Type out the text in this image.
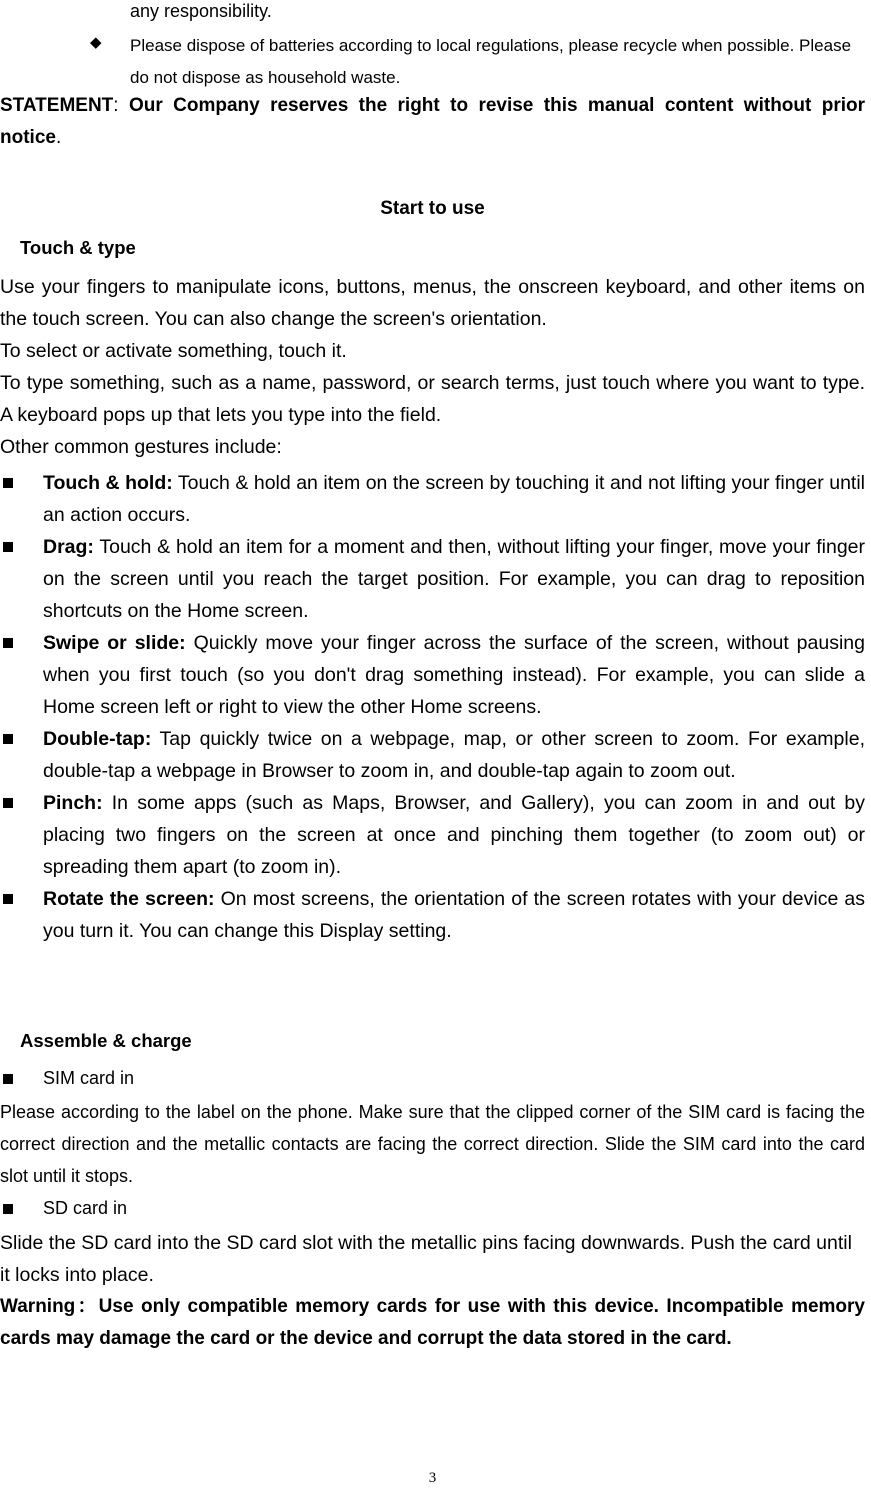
any responsibility.
◆ Please dispose of batteries according to local regulations, please recycle when possible. Please do not dispose as household waste.
STATEMENT: Our Company reserves the right to revise this manual content without prior notice.
Start to use
Touch & type
Use your fingers to manipulate icons, buttons, menus, the onscreen keyboard, and other items on the touch screen. You can also change the screen's orientation.
To select or activate something, touch it.
To type something, such as a name, password, or search terms, just touch where you want to type. A keyboard pops up that lets you type into the field.
Other common gestures include:
Touch & hold: Touch & hold an item on the screen by touching it and not lifting your finger until an action occurs.
Drag: Touch & hold an item for a moment and then, without lifting your finger, move your finger on the screen until you reach the target position. For example, you can drag to reposition shortcuts on the Home screen.
Swipe or slide: Quickly move your finger across the surface of the screen, without pausing when you first touch (so you don't drag something instead). For example, you can slide a Home screen left or right to view the other Home screens.
Double-tap: Tap quickly twice on a webpage, map, or other screen to zoom. For example, double-tap a webpage in Browser to zoom in, and double-tap again to zoom out.
Pinch: In some apps (such as Maps, Browser, and Gallery), you can zoom in and out by placing two fingers on the screen at once and pinching them together (to zoom out) or spreading them apart (to zoom in).
Rotate the screen: On most screens, the orientation of the screen rotates with your device as you turn it. You can change this Display setting.
Assemble & charge
SIM card in
Please according to the label on the phone. Make sure that the clipped corner of the SIM card is facing the correct direction and the metallic contacts are facing the correct direction. Slide the SIM card into the card slot until it stops.
SD card in
Slide the SD card into the SD card slot with the metallic pins facing downwards. Push the card until it locks into place.
Warning：Use only compatible memory cards for use with this device. Incompatible memory cards may damage the card or the device and corrupt the data stored in the card.
3
